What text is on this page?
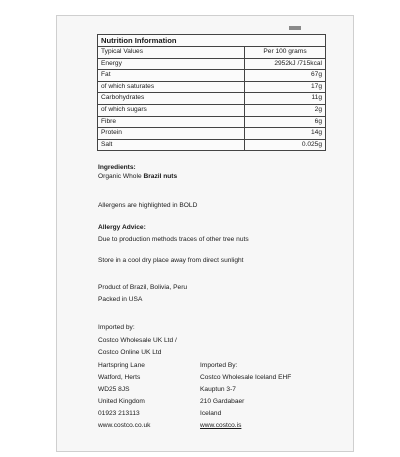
Nutrition Information	
Typical Values	Per 100 grams
Energy	2952kJ /715kcal
Fat	67g
of which saturates	17g
Carbohydrates	11g
of which sugars	2g
Fibre	6g
Protein	14g
Salt	0.025g
Ingredients:
Organic Whole Brazil nuts
Allergens are highlighted in BOLD
Allergy Advice:
Due to production methods traces of other tree nuts
Store in a cool dry place away from direct sunlight
Product of Brazil, Bolivia, Peru
Packed in USA
Imported by:
Costco Wholesale UK Ltd /
Costco Online UK Ltd
Hartspring Lane
Watford, Herts
WD25 8JS
United Kingdom
01923 213113
www.costco.co.uk
Imported By:
Costco Wholesale Iceland EHF
Kauptun 3-7
210 Gardabaer
Iceland
www.costco.is
